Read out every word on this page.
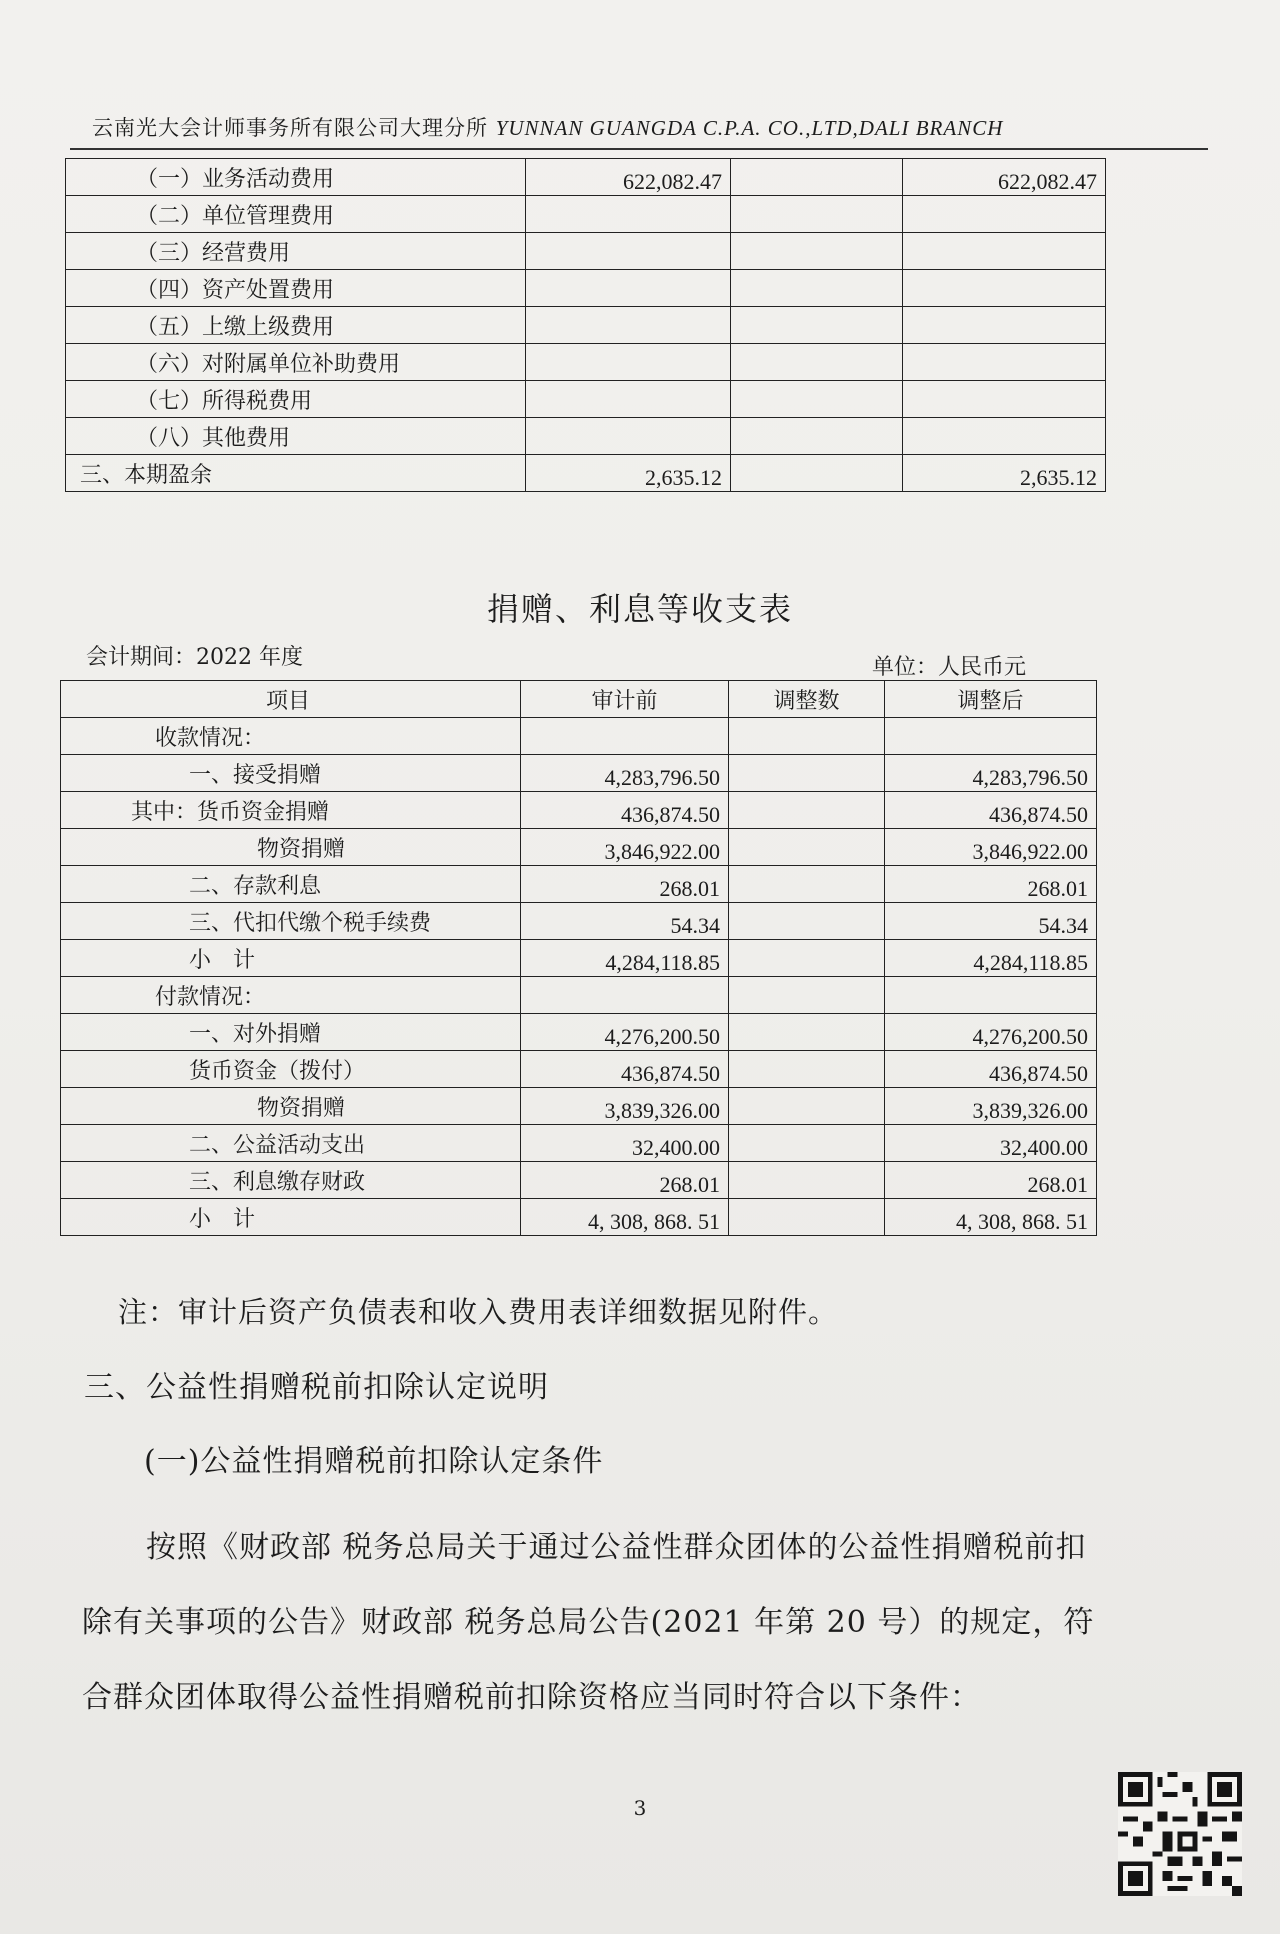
云南光大会计师事务所有限公司大理分所 YUNNAN GUANGDA C.P.A. CO.,LTD,DALI BRANCH
（一）业务活动费用	622,082.47		622,082.47
（二）单位管理费用			
（三）经营费用			
（四）资产处置费用			
（五）上缴上级费用			
（六）对附属单位补助费用			
（七）所得税费用			
（八）其他费用			
三、本期盈余	2,635.12		2,635.12
捐赠、利息等收支表
会计期间：2022 年度	单位：人民币元
项目	审计前	调整数	调整后
收款情况：			
一、接受捐赠	4,283,796.50		4,283,796.50
其中：货币资金捐赠	436,874.50		436,874.50
物资捐赠	3,846,922.00		3,846,922.00
二、存款利息	268.01		268.01
三、代扣代缴个税手续费	54.34		54.34
小　计	4,284,118.85		4,284,118.85
付款情况：			
一、对外捐赠	4,276,200.50		4,276,200.50
货币资金（拨付）	436,874.50		436,874.50
物资捐赠	3,839,326.00		3,839,326.00
二、公益活动支出	32,400.00		32,400.00
三、利息缴存财政	268.01		268.01
小　计	4, 308, 868. 51		4, 308, 868. 51
注：审计后资产负债表和收入费用表详细数据见附件。
三、公益性捐赠税前扣除认定说明
(一)公益性捐赠税前扣除认定条件
按照《财政部 税务总局关于通过公益性群众团体的公益性捐赠税前扣除有关事项的公告》财政部 税务总局公告(2021 年第 20 号）的规定，符合群众团体取得公益性捐赠税前扣除资格应当同时符合以下条件：
3
